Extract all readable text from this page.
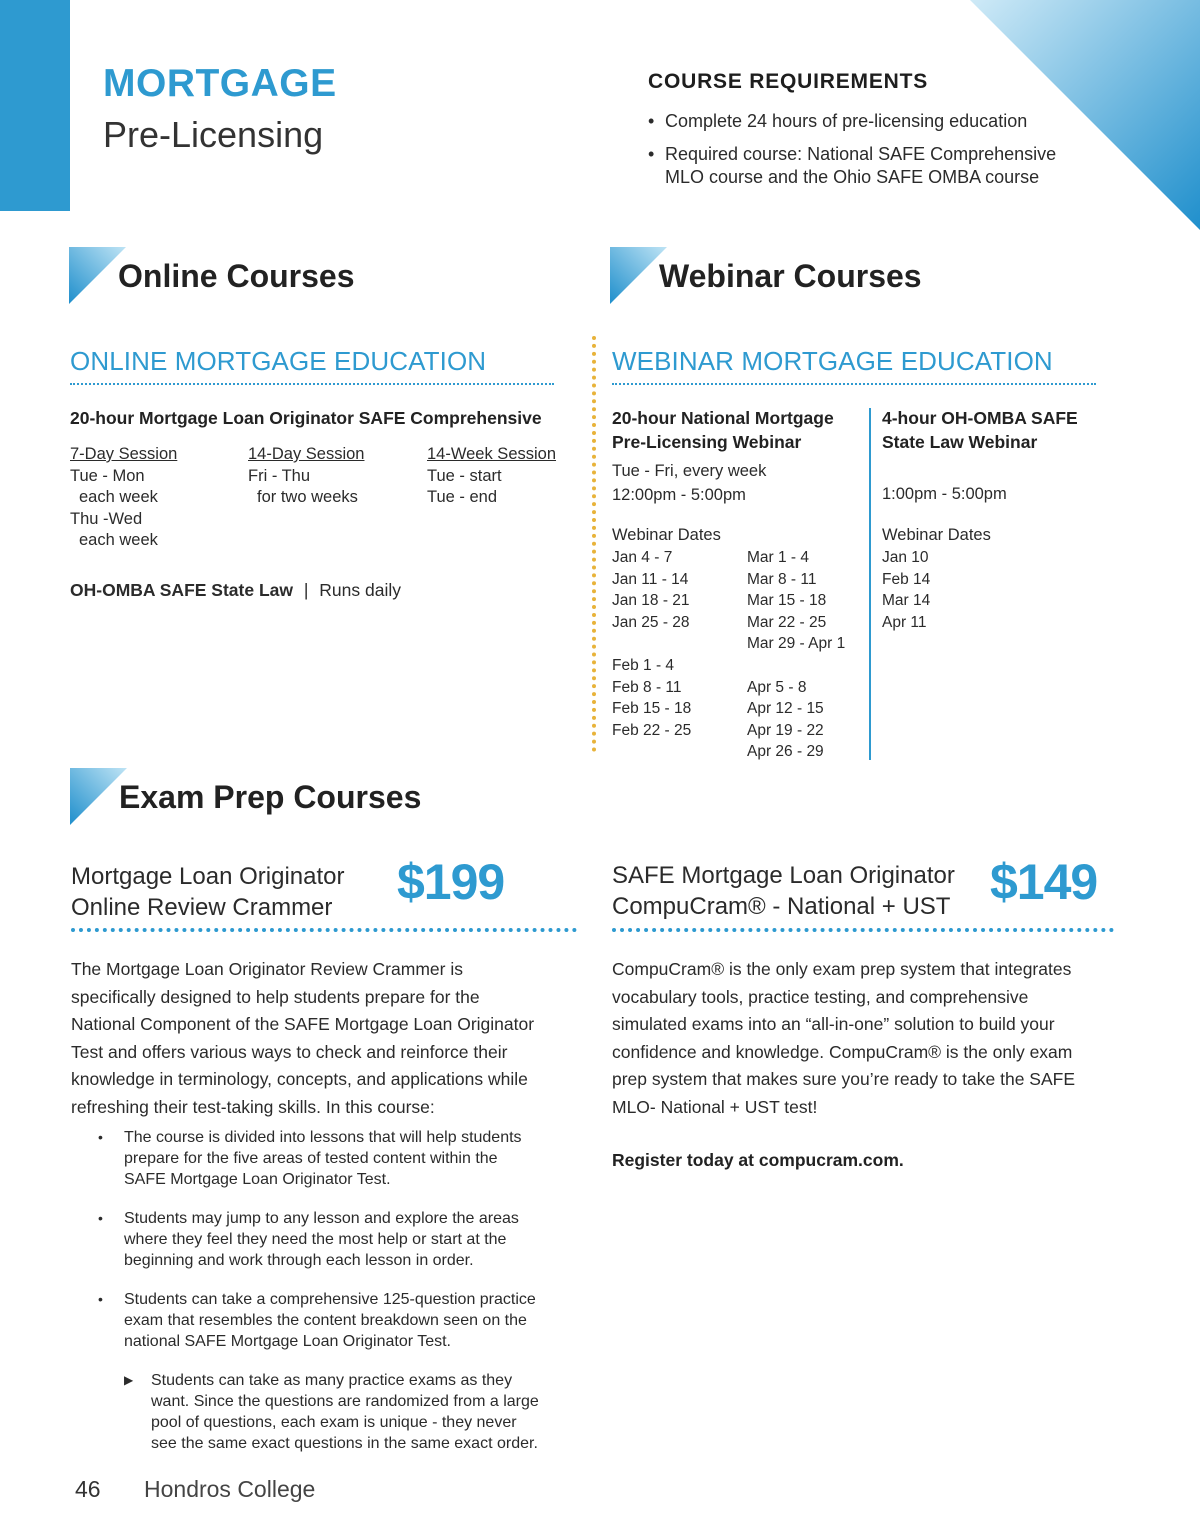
MORTGAGE
Pre-Licensing
COURSE REQUIREMENTS
• Complete 24 hours of pre-licensing education
• Required course: National SAFE Comprehensive MLO course and the Ohio SAFE OMBA course
Online Courses	Webinar Courses
ONLINE MORTGAGE EDUCATION
20-hour Mortgage Loan Originator SAFE Comprehensive
7-Day Session
Tue - Mon
each week
Thu -Wed
each week
14-Day Session
Fri - Thu
for two weeks
14-Week Session
Tue - start
Tue - end
OH-OMBA SAFE State Law | Runs daily
WEBINAR MORTGAGE EDUCATION
20-hour National Mortgage
Pre-Licensing Webinar
Tue - Fri, every week
12:00pm - 5:00pm
Webinar Dates
Jan 4 - 7
Jan 11 - 14
Jan 18 - 21
Jan 25 - 28
Feb 1 - 4
Feb 8 - 11
Feb 15 - 18
Feb 22 - 25
Mar 1 - 4
Mar 8 - 11
Mar 15 - 18
Mar 22 - 25
Mar 29 - Apr 1
Apr 5 - 8
Apr 12 - 15
Apr 19 - 22
Apr 26 - 29
4-hour OH-OMBA SAFE
State Law Webinar
1:00pm - 5:00pm
Webinar Dates
Jan 10
Feb 14
Mar 14
Apr 11
Exam Prep Courses
Mortgage Loan Originator
Online Review Crammer $199
The Mortgage Loan Originator Review Crammer is
specifically designed to help students prepare for the
National Component of the SAFE Mortgage Loan Originator
Test and offers various ways to check and reinforce their
knowledge in terminology, concepts, and applications while
refreshing their test-taking skills. In this course:
• The course is divided into lessons that will help students
prepare for the five areas of tested content within the
SAFE Mortgage Loan Originator Test.
• Students may jump to any lesson and explore the areas
where they feel they need the most help or start at the
beginning and work through each lesson in order.
• Students can take a comprehensive 125-question practice
exam that resembles the content breakdown seen on the
national SAFE Mortgage Loan Originator Test.
▶ Students can take as many practice exams as they
want. Since the questions are randomized from a large
pool of questions, each exam is unique - they never
see the same exact questions in the same exact order.
SAFE Mortgage Loan Originator
CompuCram® - National + UST $149
CompuCram® is the only exam prep system that integrates
vocabulary tools, practice testing, and comprehensive
simulated exams into an “all-in-one” solution to build your
confidence and knowledge. CompuCram® is the only exam
prep system that makes sure you’re ready to take the SAFE
MLO- National + UST test!
Register today at compucram.com.
46 Hondros College
